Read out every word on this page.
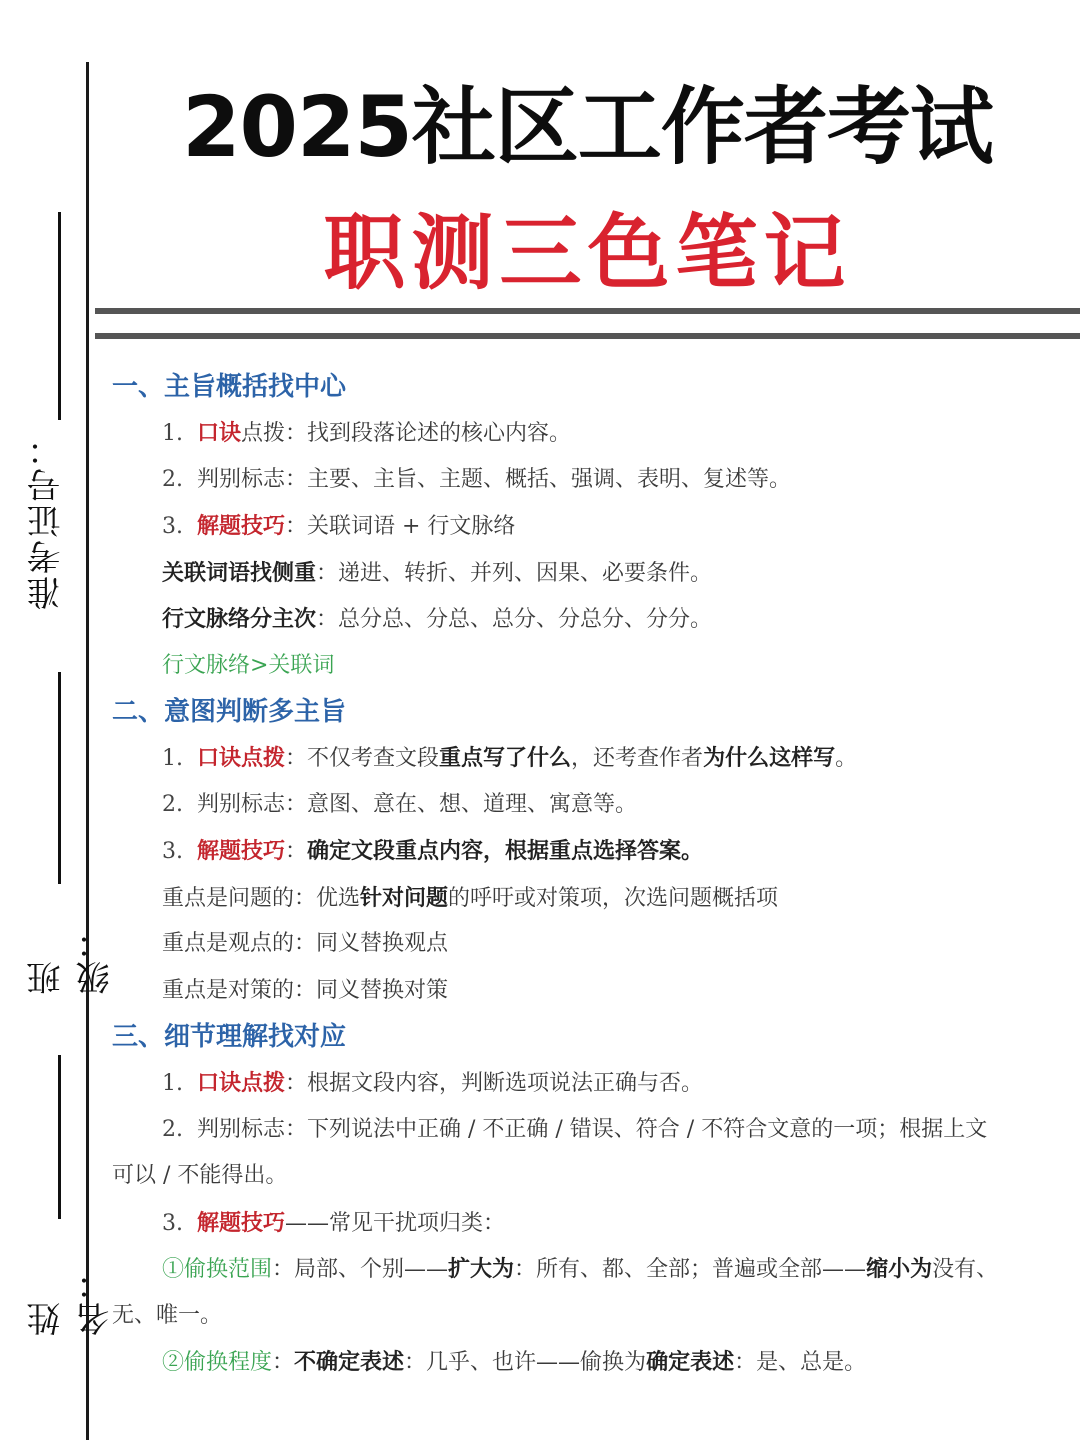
准考证号：
班级：
姓名：
2025社区工作者考试
职测三色笔记
一、主旨概括找中心
1. 口诀点拨：找到段落论述的核心内容。
2. 判别标志：主要、主旨、主题、概括、强调、表明、复述等。
3. 解题技巧：关联词语 + 行文脉络
关联词语找侧重：递进、转折、并列、因果、必要条件。
行文脉络分主次：总分总、分总、总分、分总分、分分。
行文脉络>关联词
二、意图判断多主旨
1. 口诀点拨：不仅考查文段重点写了什么，还考查作者为什么这样写。
2. 判别标志：意图、意在、想、道理、寓意等。
3. 解题技巧：确定文段重点内容，根据重点选择答案。
重点是问题的：优选针对问题的呼吁或对策项，次选问题概括项
重点是观点的：同义替换观点
重点是对策的：同义替换对策
三、细节理解找对应
1. 口诀点拨：根据文段内容，判断选项说法正确与否。
2. 判别标志：下列说法中正确 / 不正确 / 错误、符合 / 不符合文意的一项；根据上文
可以 / 不能得出。
3. 解题技巧——常见干扰项归类：
①偷换范围：局部、个别——扩大为：所有、都、全部；普遍或全部——缩小为没有、
无、唯一。
②偷换程度：不确定表述：几乎、也许——偷换为确定表述：是、总是。
